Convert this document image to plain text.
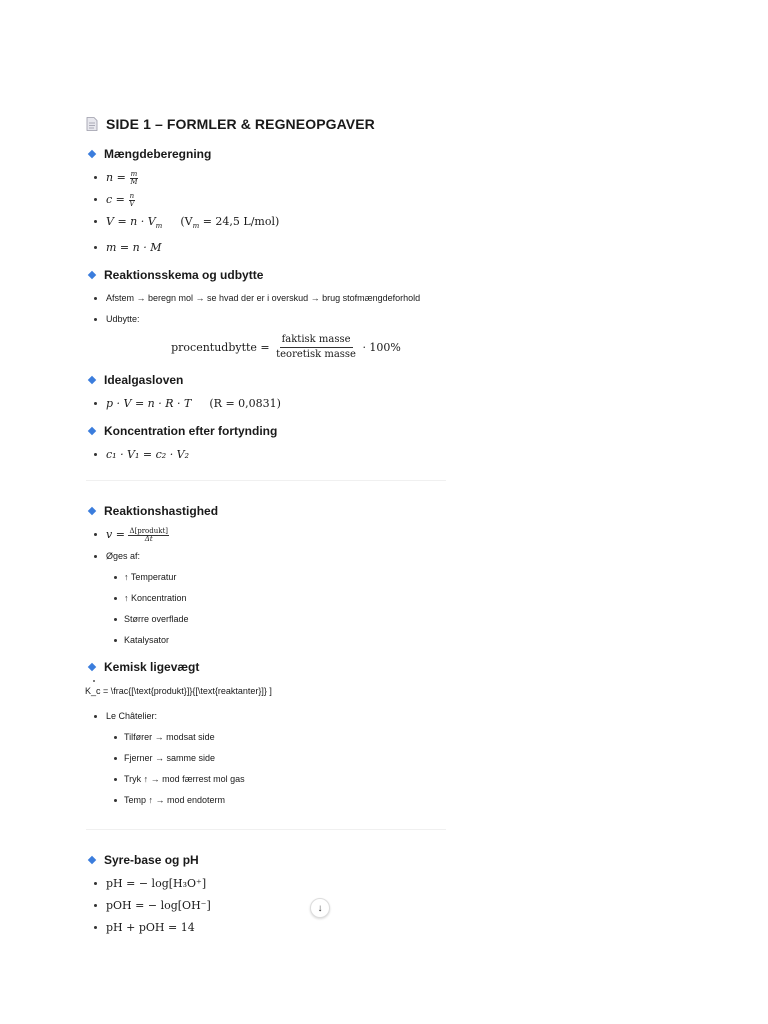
SIDE 1 – FORMLER & REGNEOPGAVER
Mængdeberegning
$n = \frac{m}{M}$
$c = \frac{n}{V}$
$V = n \cdot V_m$ ($V_m = 24,5$ L/mol)
m = n · M
Reaktionsskema og udbytte
Afstem → beregn mol → se hvad der er i overskud → brug stofmængdeforhold
Udbytte:
procentudbytte =
$\frac{\text{faktisk masse}}{\text{teoretisk masse}}$
· 100%
Idealgasloven
p · V = n · R · T (R = 0,0831)
Koncentration efter fortynding
c₁ · V₁ = c₂ · V₂
Reaktionshastighed
$v = \frac{\text{Δ[produkt]}}{\Delta t}$
Øges af:
↑ Temperatur
↑ Koncentration
Større overflade
Katalysator
Kemisk ligevægt
K_c = \frac{[\text{produkt}]}{[\text{reaktanter}]} ]
Le Châtelier:
Tilfører → modsat side
Fjerner → samme side
Tryk ↑ → mod færrest mol gas
Temp ↑ → mod endoterm
Syre-base og pH
pH = − log[H₃O⁺]
pOH = − log[OH⁻]
pH + pOH = 14
↓
